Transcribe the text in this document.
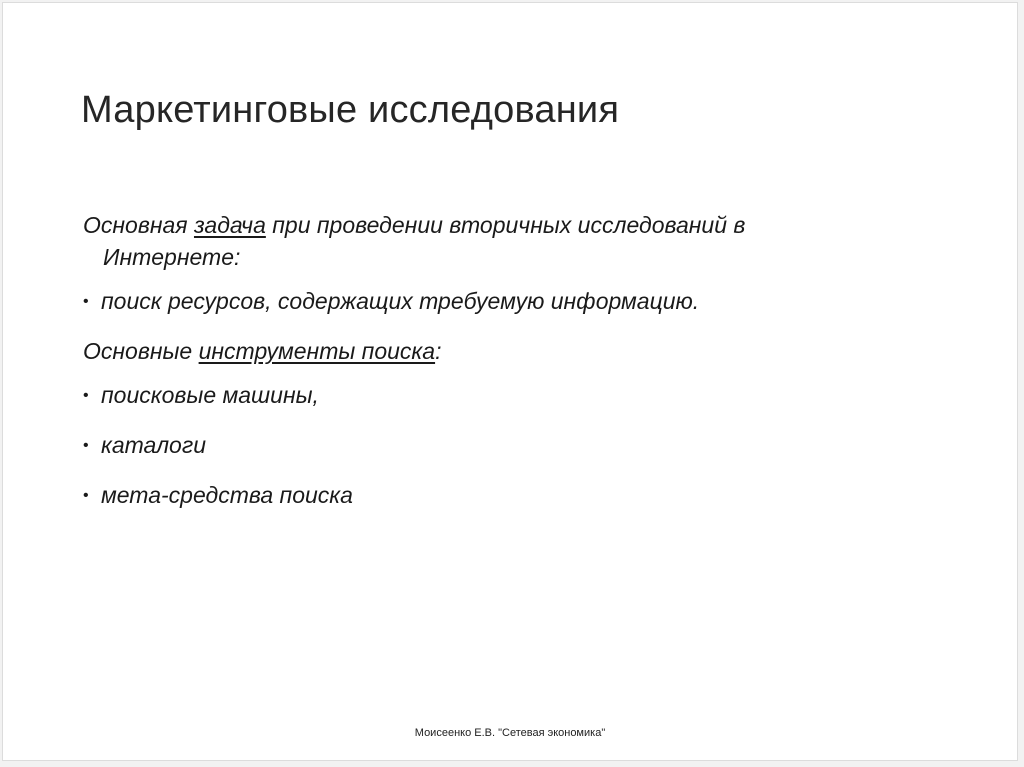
Маркетинговые исследования
Основная задача при проведении вторичных исследований в
Интернете:
• поиск ресурсов, содержащих требуемую информацию.
Основные инструменты поиска:
• поисковые машины,
• каталоги
• мета-средства поиска
Моисеенко Е.В. "Сетевая экономика"
